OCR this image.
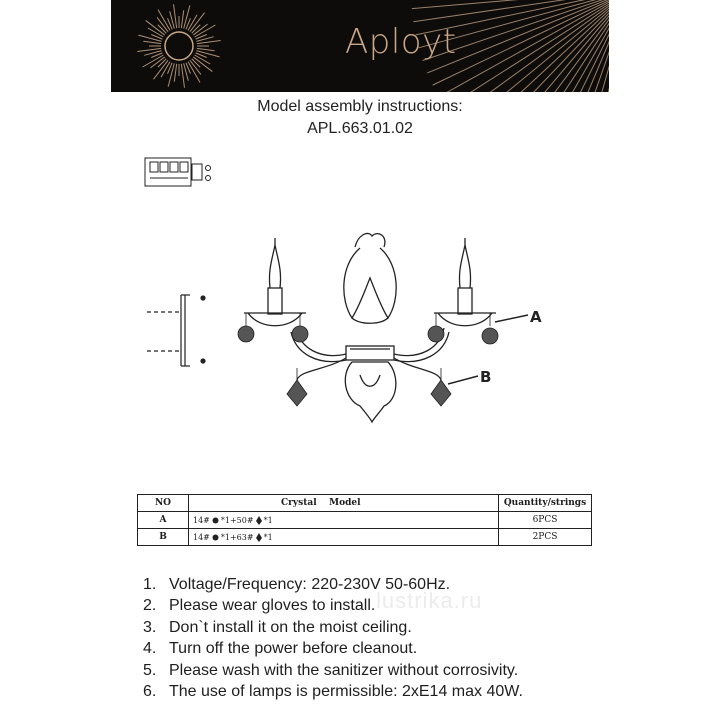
Aployt
Model assembly instructions:
APL.663.01.02
A
B
NO	Crystal    Model	Quantity/strings
A	14# *1+50# *1	6PCS
B	14# *1+63# *1	2PCS
lustrika.ru
1. Voltage/Frequency: 220-230V 50-60Hz.
2. Please wear gloves to install.
3. Don`t install it on the moist ceiling.
4. Turn off the power before cleanout.
5. Please wash with the sanitizer without corrosivity.
6. The use of lamps is permissible: 2xE14 max 40W.
